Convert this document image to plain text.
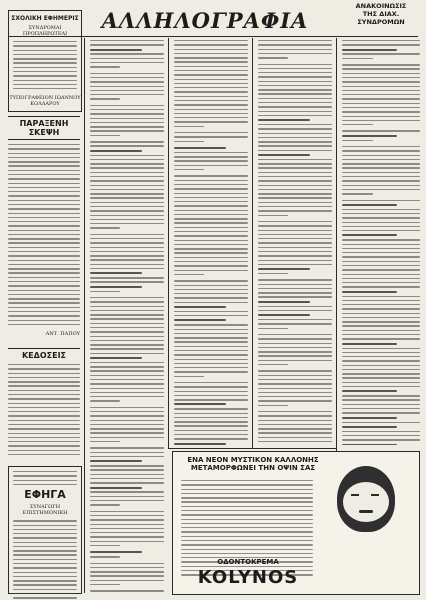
ΑΛΛΗΛΟΓΡΑΦΙΑ
ΣΧΟΛΙΚΗ ΕΦΗΜΕΡΙΣ
ΣΥΝΔΡΟΜΑΙ ΠΡΟΠΛΗΡΩΤΕΑΙ
ΤΥΠΟΓΡΑΦΕΙΟΝ ΙΩΑΝΝΟΥ ΚΟΛΛΑΡΟΥ
ΠΑΡΑΞΕΝΗ ΣΚΕΨΗ
ΑΝΤ. ΠΑΠΟΥ
ΚΕΔΟΣΕΙΣ
ΕΦΗΓΑ
ΣΥΝΑΓΩΓΗ ΕΠΙΣΤΗΜΟΝΙΚΗ
ΑΝΑΚΟΙΝΩΣΙΣ
ΤΗΣ ΔΙΑΧ. ΣΥΝΔΡΟΜΩΝ
ΕΝΑ ΝΕΟΝ ΜΥΣΤΙΚΟΝ ΚΑΛΛΟΝΗΣ ΜΕΤΑΜΟΡΦΩΝΕΙ ΤΗΝ ΟΨΙΝ ΣΑΣ
ΟΔΟΝΤΟΚΡΕΜΑ
KOLYNOS
